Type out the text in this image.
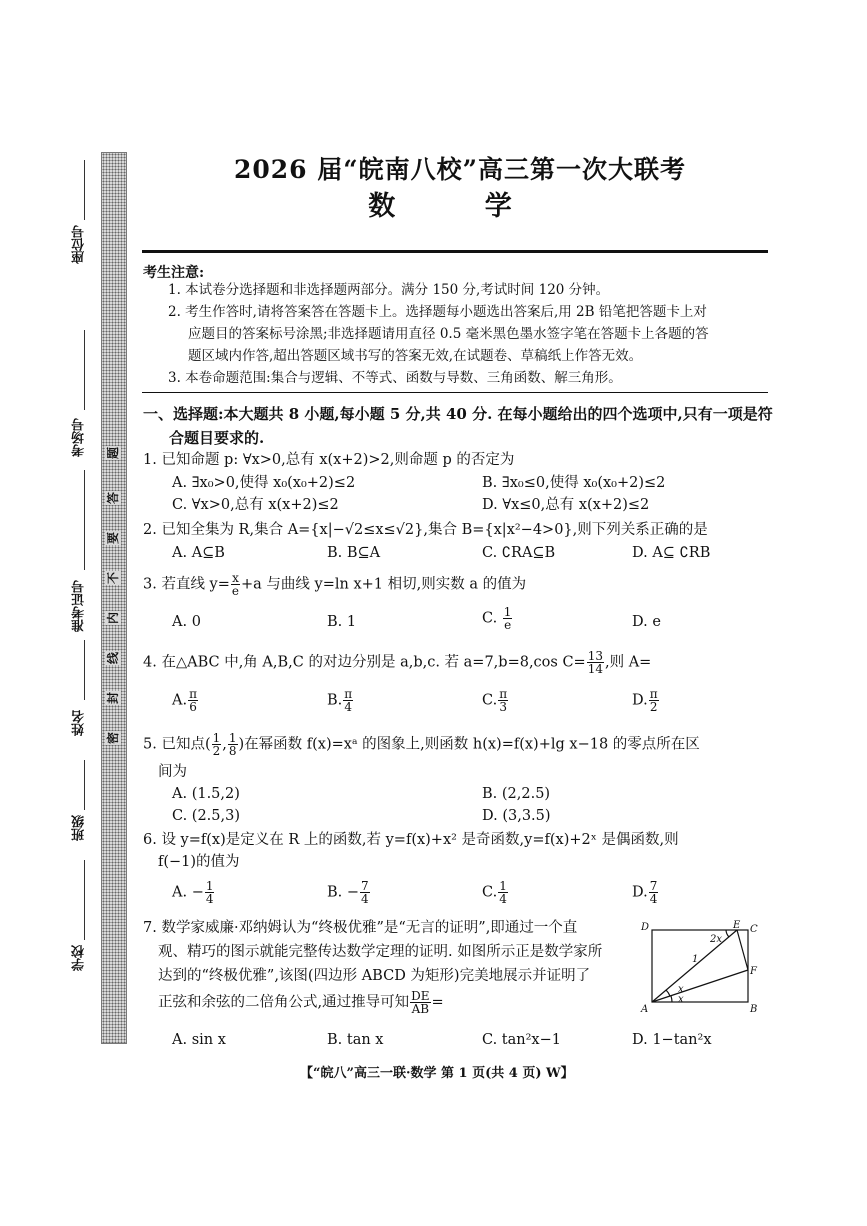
座位号
考场号
准考证号
姓名
班级
学校
题
答
要
不
内
线
封
密
2026 届“皖南八校”高三第一次大联考
数 学
考生注意:
1. 本试卷分选择题和非选择题两部分。满分 150 分,考试时间 120 分钟。
2. 考生作答时,请将答案答在答题卡上。选择题每小题选出答案后,用 2B 铅笔把答题卡上对
应题目的答案标号涂黑;非选择题请用直径 0.5 毫米黑色墨水签字笔在答题卡上各题的答
题区域内作答,超出答题区域书写的答案无效,在试题卷、草稿纸上作答无效。
3. 本卷命题范围:集合与逻辑、不等式、函数与导数、三角函数、解三角形。
一、选择题:本大题共 8 小题,每小题 5 分,共 40 分. 在每小题给出的四个选项中,只有一项是符
合题目要求的.
1. 已知命题 p: ∀x>0,总有 x(x+2)>2,则命题 p 的否定为
A. ∃x₀>0,使得 x₀(x₀+2)≤2	B. ∃x₀≤0,使得 x₀(x₀+2)≤2
C. ∀x>0,总有 x(x+2)≤2	D. ∀x≤0,总有 x(x+2)≤2
2. 已知全集为 R,集合 A={x|−√2≤x≤√2},集合 B={x|x²−4>0},则下列关系正确的是
A. A⊆B	B. B⊆A	C. ∁RA⊆B	D. A⊆ ∁RB
3. 若直线 $y= \frac{x}{e} +a$ 与曲线 y=ln x+1 相切,则实数 a 的值为
A. 0	B. 1	C. $\frac{1}{e}$	D. e
4. 在△ABC 中,角 A,B,C 的对边分别是 a,b,c. 若 a=7,b=8,cos $C= \frac{13}{14}$ ,则 A=
A. $\frac{\pi}{6}$	B. $\frac{\pi}{4}$	C. $\frac{\pi}{3}$	D. $\frac{\pi}{2}$
5. 已知点( $\frac{1}{2}$ , $\frac{1}{8}$ )在幂函数 f(x)=xᵃ 的图象上,则函数 h(x)=f(x)+lg x−18 的零点所在区
间为
A. (1.5,2)	B. (2,2.5)
C. (2.5,3)	D. (3,3.5)
6. 设 y=f(x)是定义在 R 上的函数,若 y=f(x)+x² 是奇函数,y=f(x)+2ˣ 是偶函数,则
f(−1)的值为
A. − $\frac{1}{4}$	B. − $\frac{7}{4}$	C. $\frac{1}{4}$	D. $\frac{7}{4}$
7. 数学家威廉·邓纳姆认为“终极优雅”是“无言的证明”,即通过一个直
观、精巧的图示就能完整传达数学定理的证明. 如图所示正是数学家所
达到的“终极优雅”,该图(四边形 ABCD 为矩形)完美地展示并证明了
正弦和余弦的二倍角公式,通过推导可知 $\frac{DE}{AB}$ =
A. sin x	B. tan x	C. tan²x−1	D. 1−tan²x
D	E C
F
A	B
1
2x
x
x
【“皖八”高三一联·数学 第 1 页(共 4 页) W】
